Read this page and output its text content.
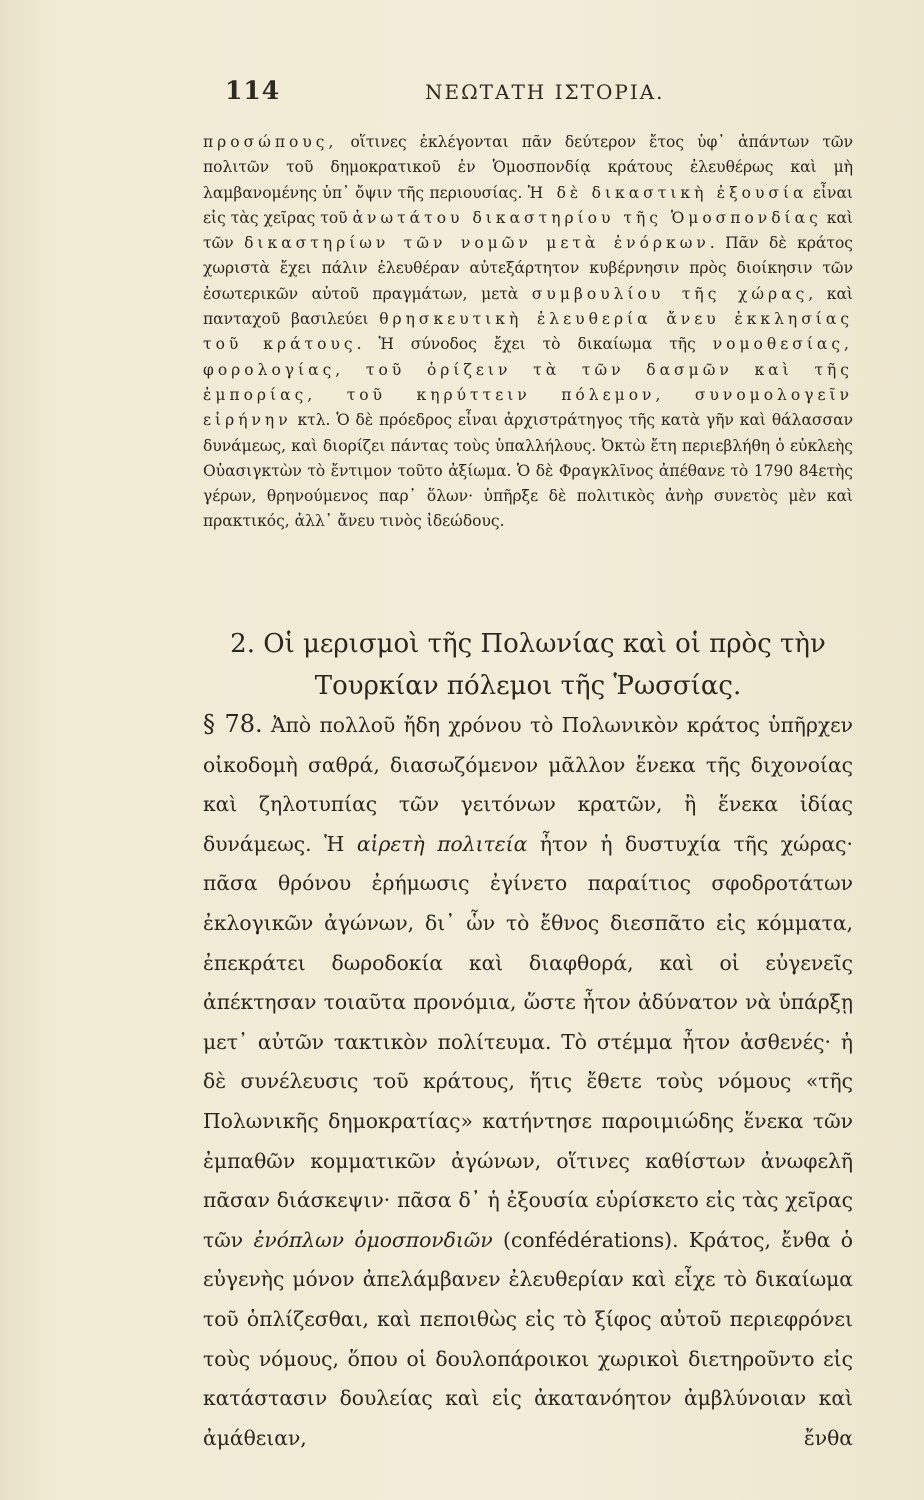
114	ΝΕΩΤΑΤΗ ΙΣΤΟΡΙΑ.

προσώπους, οἵτινες ἐκλέγονται πᾶν δεύτερον ἔτος ὑφ᾽ ἁπάντων τῶν πολιτῶν τοῦ δημοκρατικοῦ ἐν Ὁμοσπονδίᾳ κράτους ἐλευθέρως καὶ μὴ λαμβανομένης ὑπ᾽ ὄψιν τῆς περιουσίας. Ἡ δὲ δικαστικὴ ἐξουσία εἶναι εἰς τὰς χεῖρας τοῦ ἀνωτάτου δικαστηρίου τῆς Ὁμοσπονδίας καὶ τῶν δικαστηρίων τῶν νομῶν μετὰ ἐνόρκων. Πᾶν δὲ κράτος χωριστὰ ἔχει πάλιν ἐλευθέραν αὐτεξάρτητον κυβέρνησιν πρὸς διοίκησιν τῶν ἐσωτερικῶν αὐτοῦ πραγμάτων, μετὰ συμβουλίου τῆς χώρας, καὶ πανταχοῦ βασιλεύει θρησκευτικὴ ἐλευθερία ἄνευ ἐκκλησίας τοῦ κράτους. Ἡ σύνοδος ἔχει τὸ δικαίωμα τῆς νομοθεσίας, φορολογίας, τοῦ ὁρίζειν τὰ τῶν δασμῶν καὶ τῆς ἐμπορίας, τοῦ κηρύττειν πόλεμον, συνομολογεῖν εἰρήνην κτλ. Ὁ δὲ πρόεδρος εἶναι ἀρχιστράτηγος τῆς κατὰ γῆν καὶ θάλασσαν δυνάμεως, καὶ διορίζει πάντας τοὺς ὑπαλλήλους. Ὀκτὼ ἔτη περιεβλήθη ὁ εὐκλεὴς Οὐασιγκτὼν τὸ ἔντιμον τοῦτο ἀξίωμα. Ὁ δὲ Φραγκλῖνος ἀπέθανε τὸ 1790 84ετὴς γέρων, θρηνούμενος παρ᾽ ὅλων· ὑπῆρξε δὲ πολιτικὸς ἀνὴρ συνετὸς μὲν καὶ πρακτικός, ἀλλ᾽ ἄνευ τινὸς ἰδεώδους.

2. Οἱ μερισμοὶ τῆς Πολωνίας καὶ οἱ πρὸς τὴν
Τουρκίαν πόλεμοι τῆς Ῥωσσίας.

§ 78. Ἀπὸ πολλοῦ ἤδη χρόνου τὸ Πολωνικὸν κράτος ὑπῆρχεν οἰκοδομὴ σαθρά, διασωζόμενον μᾶλλον ἕνεκα τῆς διχονοίας καὶ ζηλοτυπίας τῶν γειτόνων κρατῶν, ἢ ἕνεκα ἰδίας δυνάμεως. Ἡ αἱρετὴ πολιτεία ἦτον ἡ δυστυχία τῆς χώρας· πᾶσα θρόνου ἐρήμωσις ἐγίνετο παραίτιος σφοδροτάτων ἐκλογικῶν ἀγώνων, δι᾽ ὧν τὸ ἔθνος διεσπᾶτο εἰς κόμματα, ἐπεκράτει δωροδοκία καὶ διαφθορά, καὶ οἱ εὐγενεῖς ἀπέκτησαν τοιαῦτα προνόμια, ὥστε ἦτον ἀδύνατον νὰ ὑπάρξῃ μετ᾽ αὐτῶν τακτικὸν πολίτευμα. Τὸ στέμμα ἦτον ἀσθενές· ἡ δὲ συνέλευσις τοῦ κράτους, ἥτις ἔθετε τοὺς νόμους «τῆς Πολωνικῆς δημοκρατίας» κατήντησε παροιμιώδης ἕνεκα τῶν ἐμπαθῶν κομματικῶν ἀγώνων, οἵτινες καθίστων ἀνωφελῆ πᾶσαν διάσκεψιν· πᾶσα δ᾽ ἡ ἐξουσία εὑρίσκετο εἰς τὰς χεῖρας τῶν ἐνόπλων ὁμοσπονδιῶν (confédérations). Κράτος, ἔνθα ὁ εὐγενὴς μόνον ἀπελάμβανεν ἐλευθερίαν καὶ εἶχε τὸ δικαίωμα τοῦ ὁπλίζεσθαι, καὶ πεποιθὼς εἰς τὸ ξίφος αὐτοῦ περιεφρόνει τοὺς νόμους, ὅπου οἱ δουλοπάροικοι χωρικοὶ διετηροῦντο εἰς κατάστασιν δουλείας καὶ εἰς ἀκατανόητον ἀμβλύνοιαν καὶ ἀμάθειαν, ἔνθα
